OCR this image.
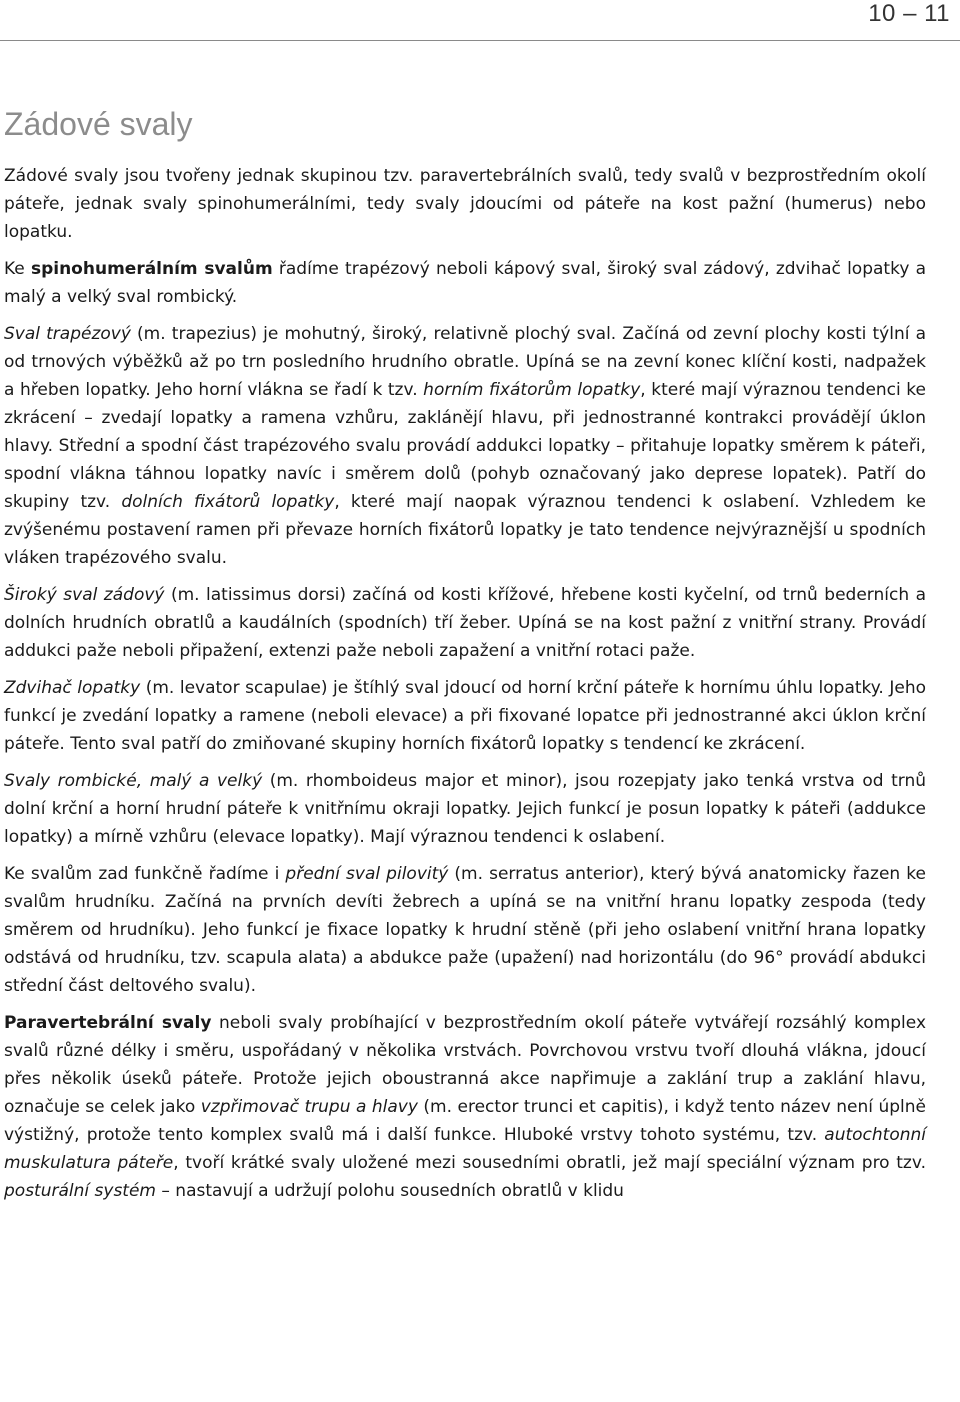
10 – 11
Zádové svaly

Zádové svaly jsou tvořeny jednak skupinou tzv. paravertebrálních svalů, tedy svalů v bezprostředním okolí páteře, jednak svaly spinohumerálními, tedy svaly jdoucími od páteře na kost pažní (humerus) nebo lopatku.

Ke spinohumerálním svalům řadíme trapézový neboli kápový sval, široký sval zádový, zdvihač lopatky a malý a velký sval rombický.

Sval trapézový (m. trapezius) je mohutný, široký, relativně plochý sval. Začíná od zevní plochy kosti týlní a od trnových výběžků až po trn posledního hrudního obratle. Upíná se na zevní konec klíční kosti, nadpažek a hřeben lopatky. Jeho horní vlákna se řadí k tzv. horním fixátorům lopatky, které mají výraznou tendenci ke zkrácení – zvedají lopatky a ramena vzhůru, zaklánějí hlavu, při jednostranné kontrakci provádějí úklon hlavy. Střední a spodní část trapézového svalu provádí addukci lopatky – přitahuje lopatky směrem k páteři, spodní vlákna táhnou lopatky navíc i směrem dolů (pohyb označovaný jako deprese lopatek). Patří do skupiny tzv. dolních fixátorů lopatky, které mají naopak výraznou tendenci k oslabení. Vzhledem ke zvýšenému postavení ramen při převaze horních fixátorů lopatky je tato tendence nejvýraznější u spodních vláken trapézového svalu.

Široký sval zádový (m. latissimus dorsi) začíná od kosti křížové, hřebene kosti kyčelní, od trnů bederních a dolních hrudních obratlů a kaudálních (spodních) tří žeber. Upíná se na kost pažní z vnitřní strany. Provádí addukci paže neboli připažení, extenzi paže neboli zapažení a vnitřní rotaci paže.

Zdvihač lopatky (m. levator scapulae) je štíhlý sval jdoucí od horní krční páteře k hornímu úhlu lopatky. Jeho funkcí je zvedání lopatky a ramene (neboli elevace) a při fixované lopatce při jednostranné akci úklon krční páteře. Tento sval patří do zmiňované skupiny horních fixátorů lopatky s tendencí ke zkrácení.

Svaly rombické, malý a velký (m. rhomboideus major et minor), jsou rozepjaty jako tenká vrstva od trnů dolní krční a horní hrudní páteře k vnitřnímu okraji lopatky. Jejich funkcí je posun lopatky k páteři (addukce lopatky) a mírně vzhůru (elevace lopatky). Mají výraznou tendenci k oslabení.

Ke svalům zad funkčně řadíme i přední sval pilovitý (m. serratus anterior), který bývá anatomicky řazen ke svalům hrudníku. Začíná na prvních devíti žebrech a upíná se na vnitřní hranu lopatky zespoda (tedy směrem od hrudníku). Jeho funkcí je fixace lopatky k hrudní stěně (při jeho oslabení vnitřní hrana lopatky odstává od hrudníku, tzv. scapula alata) a abdukce paže (upažení) nad horizontálu (do 96° provádí abdukci střední část deltového svalu).

Paravertebrální svaly neboli svaly probíhající v bezprostředním okolí páteře vytvářejí rozsáhlý komplex svalů různé délky i směru, uspořádaný v několika vrstvách. Povrchovou vrstvu tvoří dlouhá vlákna, jdoucí přes několik úseků páteře. Protože jejich oboustranná akce napřimuje a zaklání trup a zaklání hlavu, označuje se celek jako vzpřimovač trupu a hlavy (m. erector trunci et capitis), i když tento název není úplně výstižný, protože tento komplex svalů má i další funkce. Hluboké vrstvy tohoto systému, tzv. autochtonní muskulatura páteře, tvoří krátké svaly uložené mezi sousedními obratli, jež mají speciální význam pro tzv. posturální systém – nastavují a udržují polohu sousedních obratlů v klidu
